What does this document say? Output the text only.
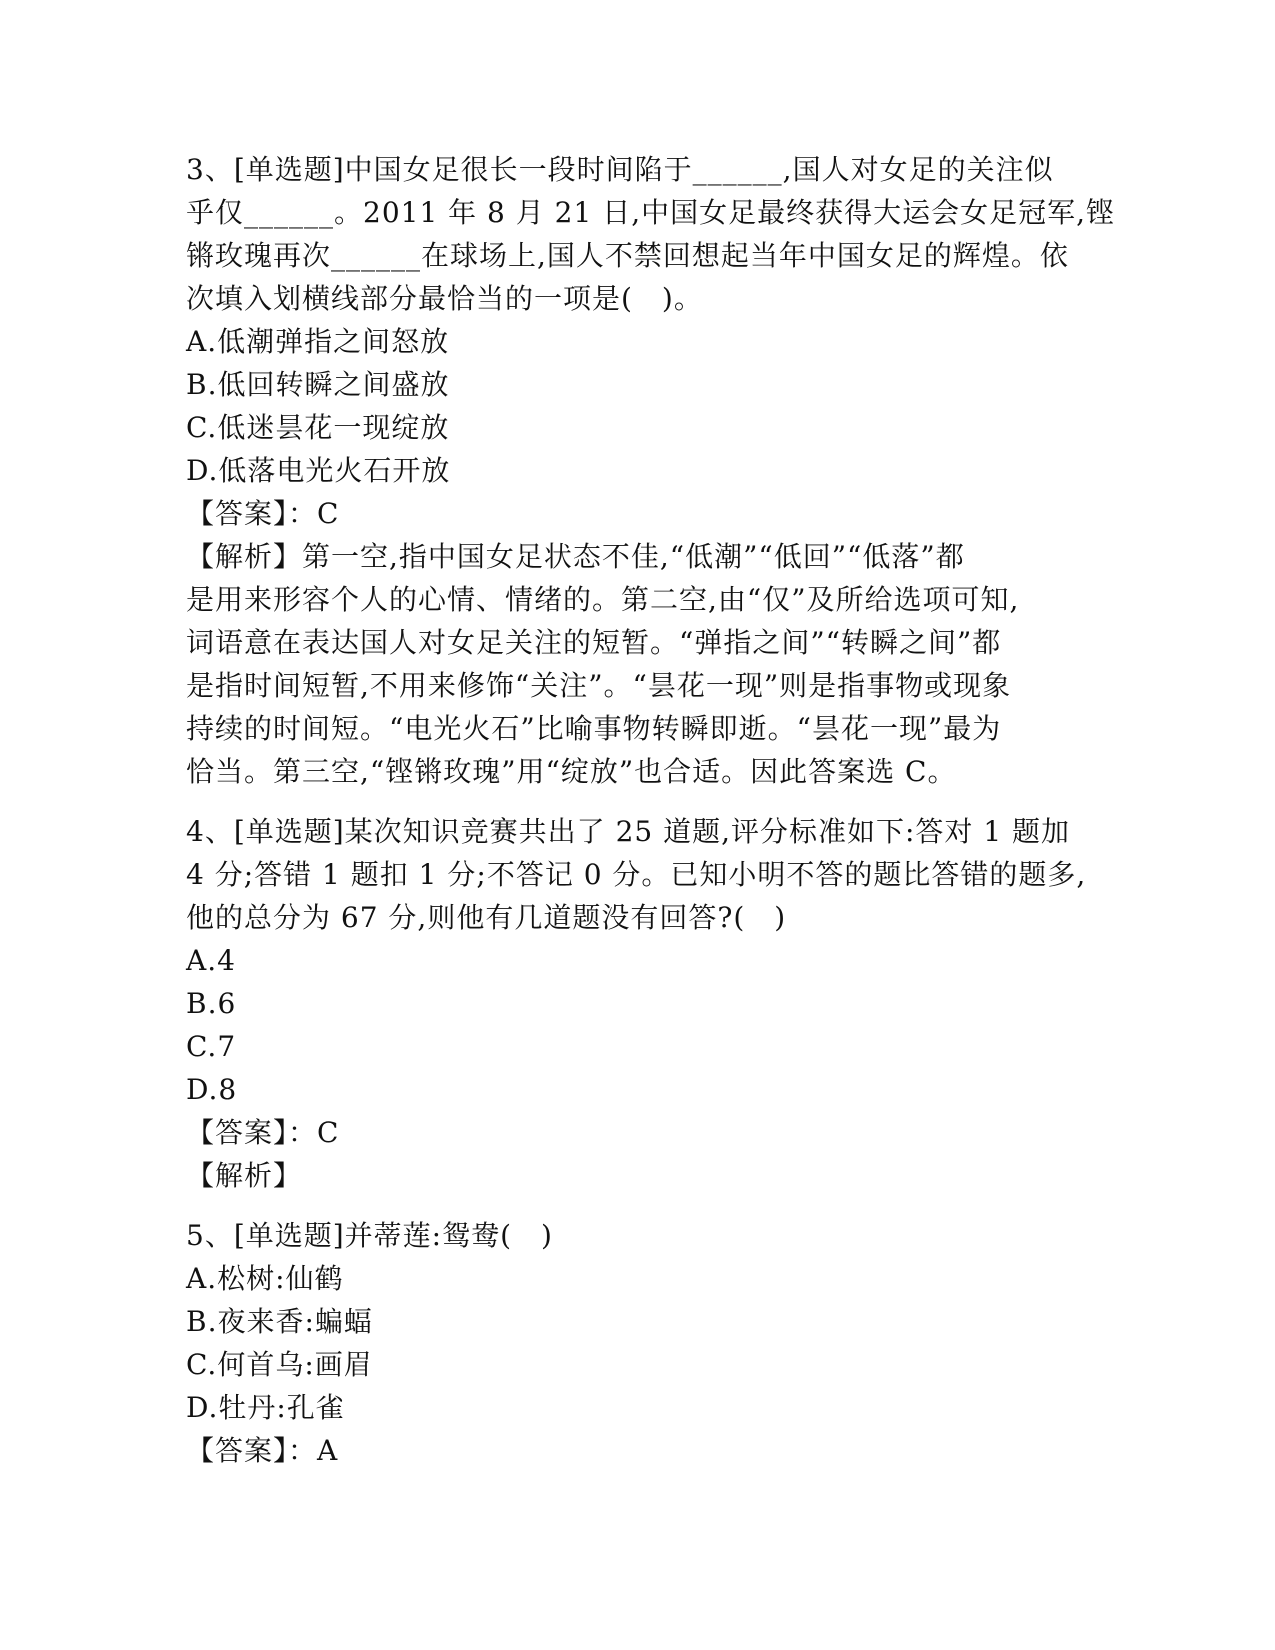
3、[单选题]中国女足很长一段时间陷于______,国人对女足的关注似
乎仅______。2011 年 8 月 21 日,中国女足最终获得大运会女足冠军,铿
锵玫瑰再次______在球场上,国人不禁回想起当年中国女足的辉煌。依
次填入划横线部分最恰当的一项是(　)。
A.低潮弹指之间怒放
B.低回转瞬之间盛放
C.低迷昙花一现绽放
D.低落电光火石开放
【答案】：C
【解析】第一空,指中国女足状态不佳,“低潮”“低回”“低落”都
是用来形容个人的心情、情绪的。第二空,由“仅”及所给选项可知,
词语意在表达国人对女足关注的短暂。“弹指之间”“转瞬之间”都
是指时间短暂,不用来修饰“关注”。“昙花一现”则是指事物或现象
持续的时间短。“电光火石”比喻事物转瞬即逝。“昙花一现”最为
恰当。第三空,“铿锵玫瑰”用“绽放”也合适。因此答案选 C。
4、[单选题]某次知识竞赛共出了 25 道题,评分标准如下:答对 1 题加
4 分;答错 1 题扣 1 分;不答记 0 分。已知小明不答的题比答错的题多,
他的总分为 67 分,则他有几道题没有回答?(　)
A.4
B.6
C.7
D.8
【答案】：C
【解析】
5、[单选题]并蒂莲:鸳鸯(　)
A.松树:仙鹤
B.夜来香:蝙蝠
C.何首乌:画眉
D.牡丹:孔雀
【答案】：A
